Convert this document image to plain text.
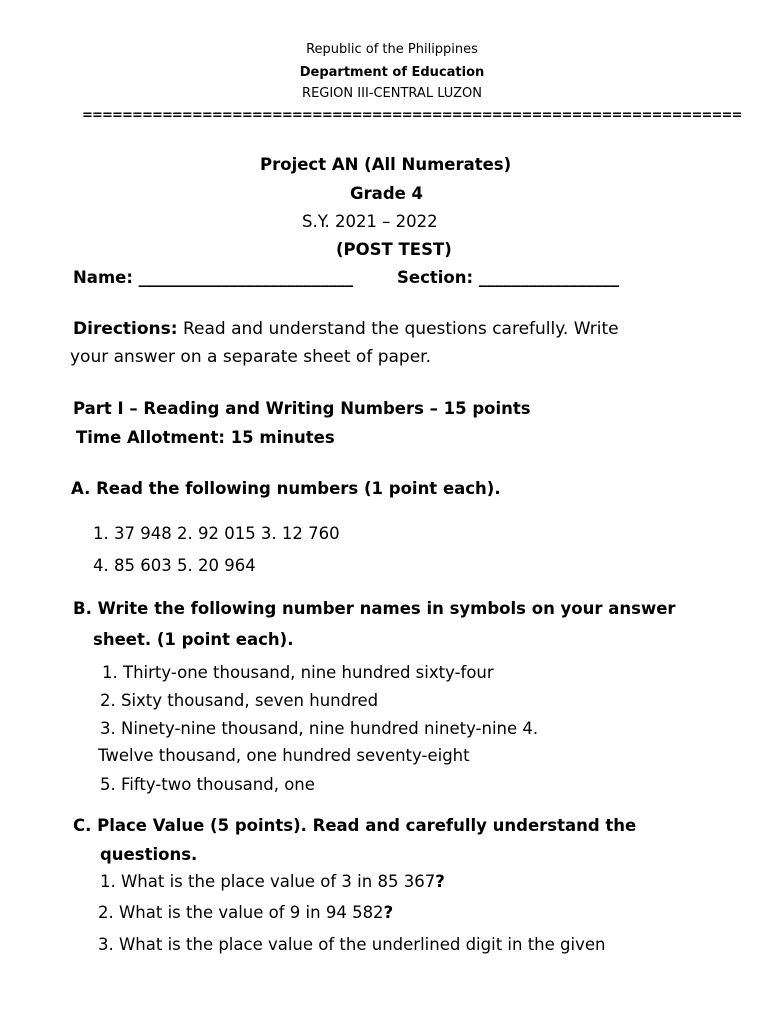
Republic of the Philippines
Department of Education
REGION III-CENTRAL LUZON
==================================================================
Project AN (All Numerates)
Grade 4
S.Y. 2021 – 2022
(POST TEST)
Name: __________________________	Section: _________________
Directions: Read and understand the questions carefully. Write
your answer on a separate sheet of paper.
Part I – Reading and Writing Numbers – 15 points
Time Allotment: 15 minutes
A. Read the following numbers (1 point each).
1. 37 948 2. 92 015 3. 12 760
4. 85 603 5. 20 964
B. Write the following number names in symbols on your answer
sheet. (1 point each).
1. Thirty-one thousand, nine hundred sixty-four
2. Sixty thousand, seven hundred
3. Ninety-nine thousand, nine hundred ninety-nine 4.
Twelve thousand, one hundred seventy-eight
5. Fifty-two thousand, one
C. Place Value (5 points). Read and carefully understand the
questions.
1. What is the place value of 3 in 85 367?
2. What is the value of 9 in 94 582?
3. What is the place value of the underlined digit in the given
